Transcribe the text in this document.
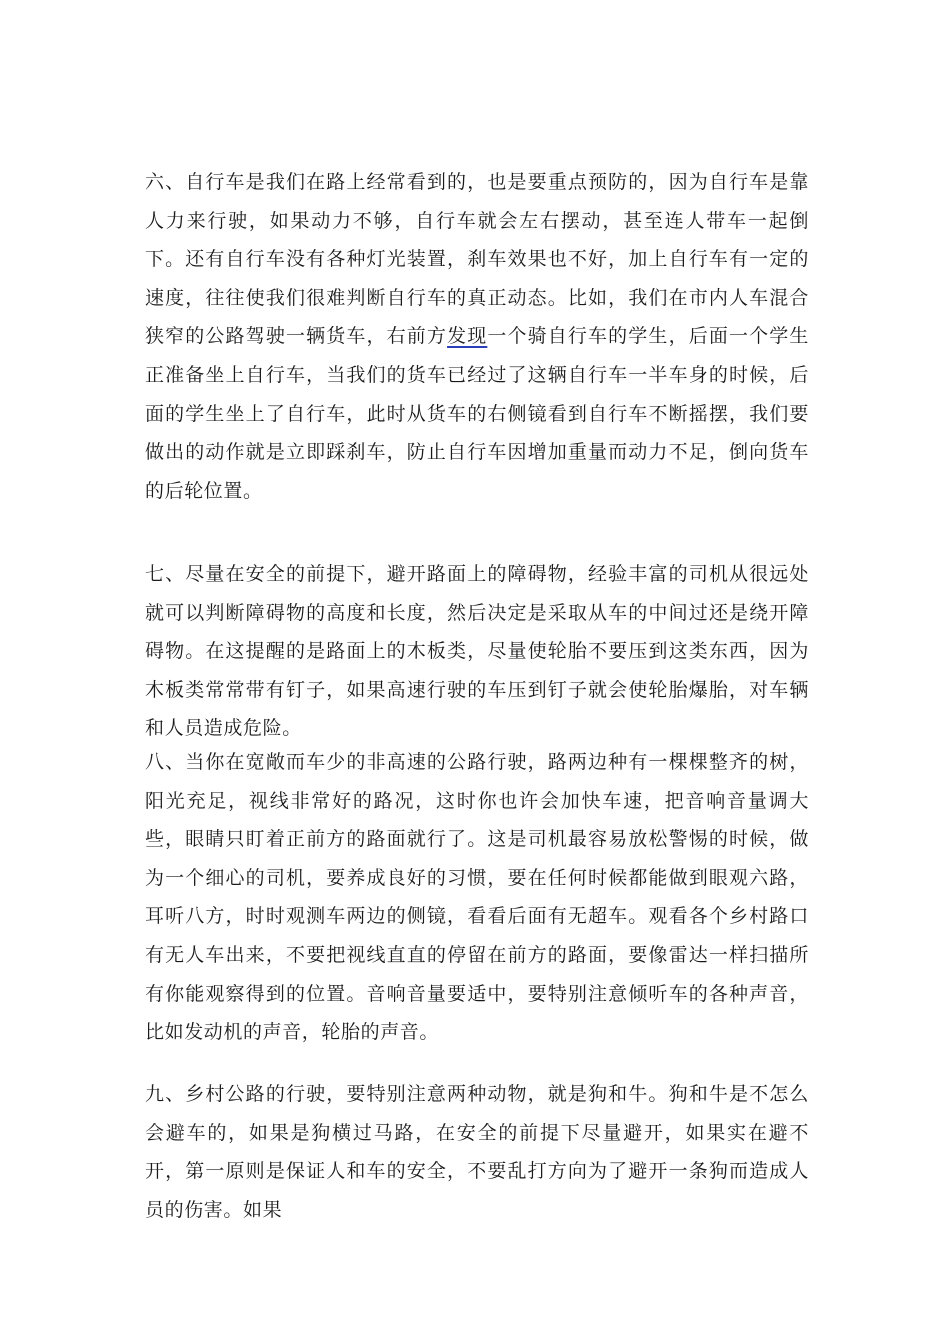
六、自行车是我们在路上经常看到的，也是要重点预防的，因为自行车是靠人力来行驶，如果动力不够，自行车就会左右摆动，甚至连人带车一起倒下。还有自行车没有各种灯光装置，刹车效果也不好，加上自行车有一定的速度，往往使我们很难判断自行车的真正动态。比如，我们在市内人车混合狭窄的公路驾驶一辆货车，右前方发现一个骑自行车的学生，后面一个学生正准备坐上自行车，当我们的货车已经过了这辆自行车一半车身的时候，后面的学生坐上了自行车，此时从货车的右侧镜看到自行车不断摇摆，我们要做出的动作就是立即踩刹车，防止自行车因增加重量而动力不足，倒向货车的后轮位置。

七、尽量在安全的前提下，避开路面上的障碍物，经验丰富的司机从很远处就可以判断障碍物的高度和长度，然后决定是采取从车的中间过还是绕开障碍物。在这提醒的是路面上的木板类，尽量使轮胎不要压到这类东西，因为木板类常常带有钉子，如果高速行驶的车压到钉子就会使轮胎爆胎，对车辆和人员造成危险。

八、当你在宽敞而车少的非高速的公路行驶，路两边种有一棵棵整齐的树，阳光充足，视线非常好的路况，这时你也许会加快车速，把音响音量调大些，眼睛只盯着正前方的路面就行了。这是司机最容易放松警惕的时候，做为一个细心的司机，要养成良好的习惯，要在任何时候都能做到眼观六路，耳听八方，时时观测车两边的侧镜，看看后面有无超车。观看各个乡村路口有无人车出来，不要把视线直直的停留在前方的路面，要像雷达一样扫描所有你能观察得到的位置。音响音量要适中，要特别注意倾听车的各种声音，比如发动机的声音，轮胎的声音。

九、乡村公路的行驶，要特别注意两种动物，就是狗和牛。狗和牛是不怎么会避车的，如果是狗横过马路，在安全的前提下尽量避开，如果实在避不开，第一原则是保证人和车的安全，不要乱打方向为了避开一条狗而造成人员的伤害。如果
